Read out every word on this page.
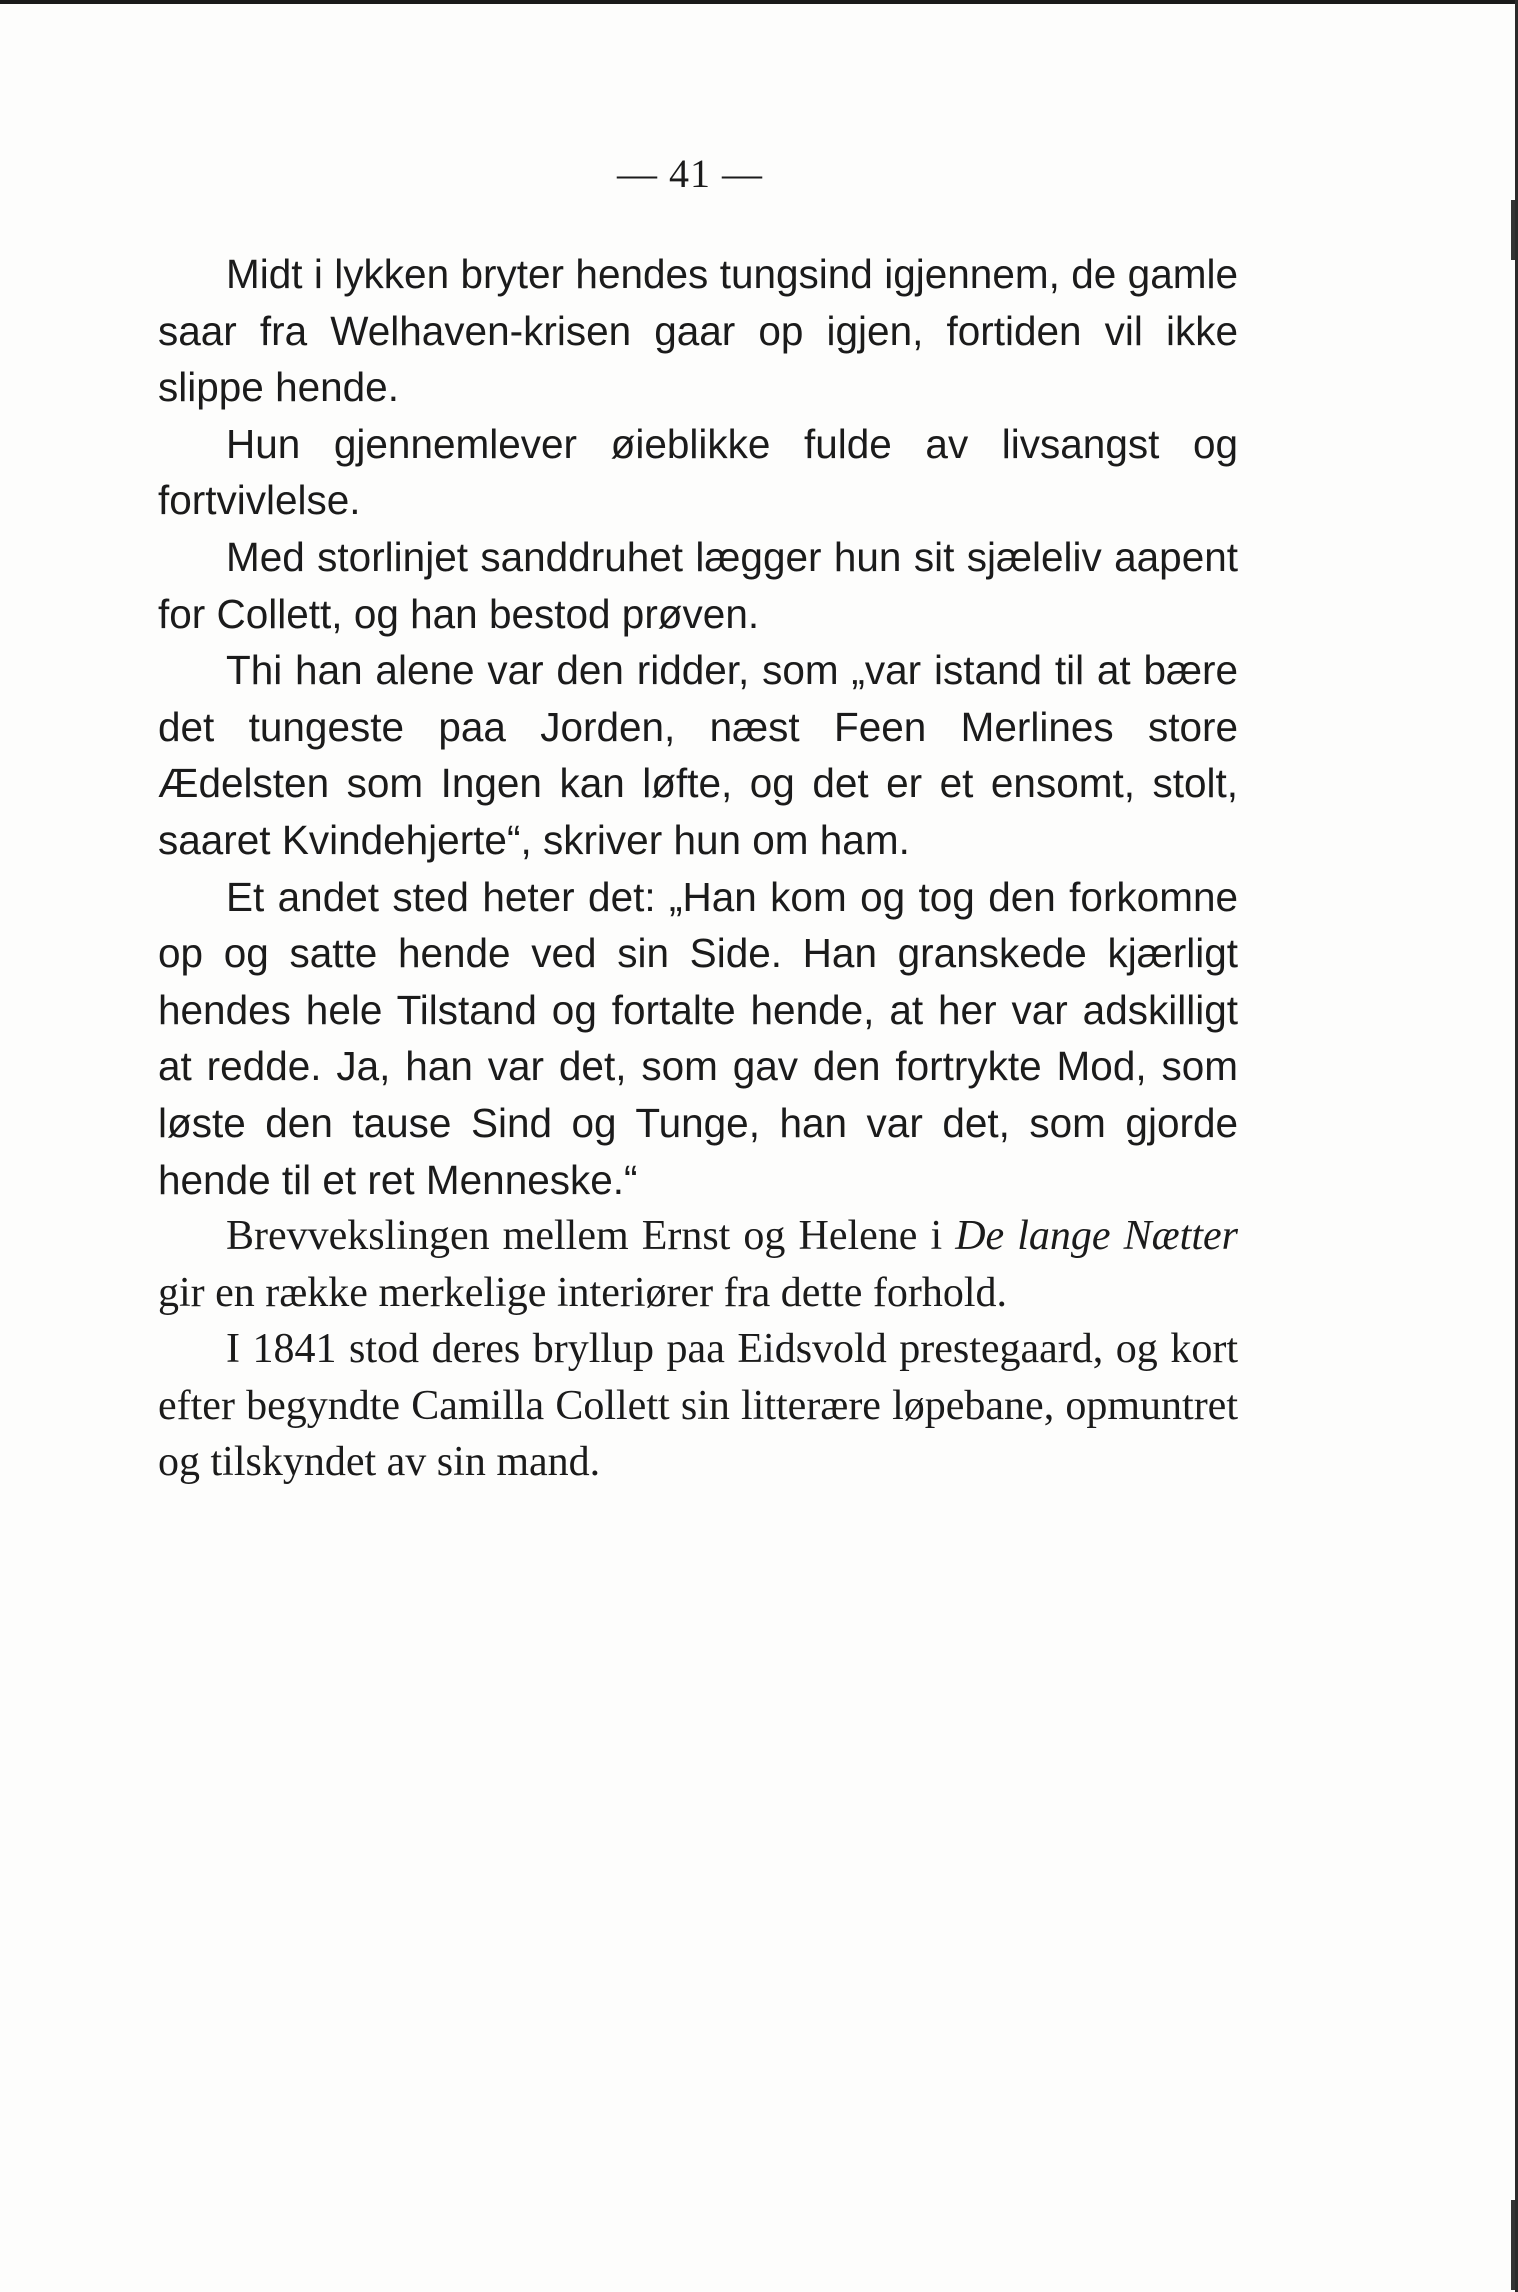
— 41 —

Midt i lykken bryter hendes tungsind igjennem, de gamle saar fra Welhaven-krisen gaar op igjen, fortiden vil ikke slippe hende.

Hun gjennemlever øieblikke fulde av livsangst og fortvivlelse.

Med storlinjet sanddruhet lægger hun sit sjæleliv aapent for Collett, og han bestod prøven.

Thi han alene var den ridder, som „var istand til at bære det tungeste paa Jorden, næst Feen Merlines store Ædelsten som Ingen kan løfte, og det er et ensomt, stolt, saaret Kvindehjerte“, skriver hun om ham.

Et andet sted heter det: „Han kom og tog den forkomne op og satte hende ved sin Side. Han granskede kjærligt hendes hele Tilstand og fortalte hende, at her var adskilligt at redde. Ja, han var det, som gav den fortrykte Mod, som løste den tause Sind og Tunge, han var det, som gjorde hende til et ret Menneske.“

Brevvekslingen mellem Ernst og Helene i De lange Nætter gir en række merkelige interiører fra dette forhold.

I 1841 stod deres bryllup paa Eidsvold prestegaard, og kort efter begyndte Camilla Collett sin litterære løpebane, opmuntret og tilskyndet av sin mand.
